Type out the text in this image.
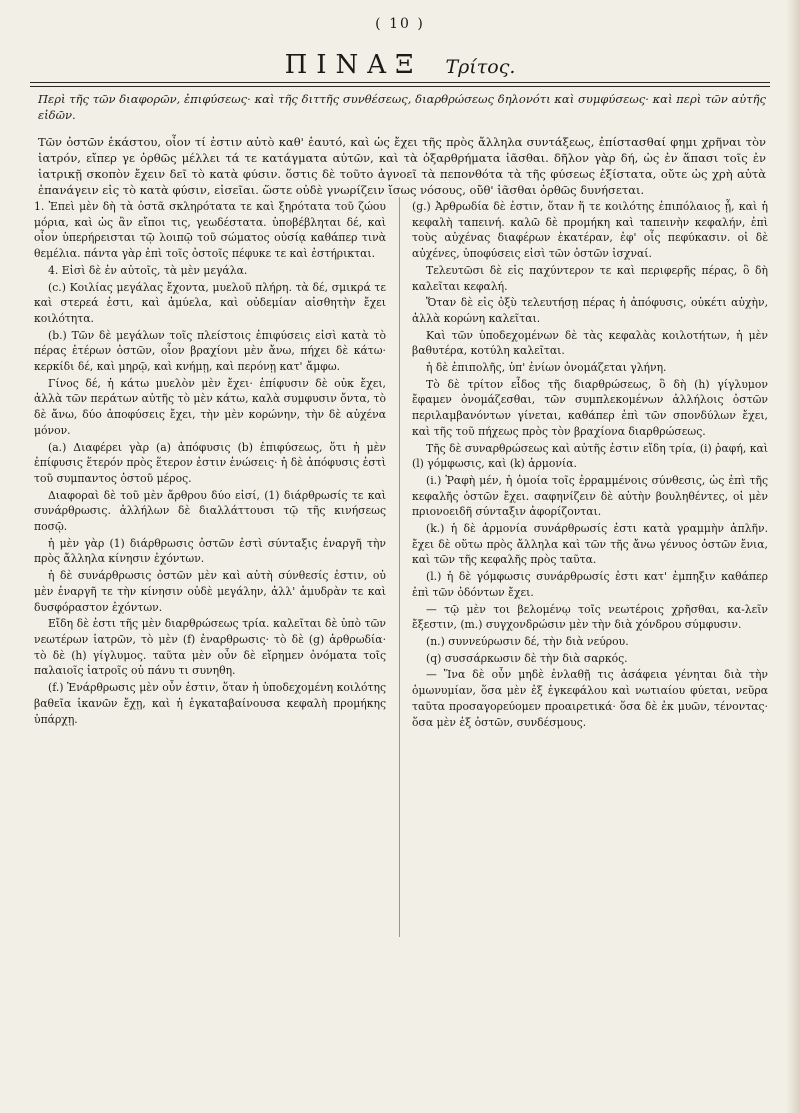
( 10 )
ΠΙΝΑΞ Τρίτος.
Περὶ τῆς τῶν διαφορῶν, ἐπιφύσεως· καὶ τῆς διττῆς συνθέσεως, διαρθρώσεως δηλονότι καὶ συμφύσεως· καὶ περὶ τῶν αὐτῆς εἰδῶν.
Τῶν ὀστῶν ἑκάστου, οἷον τί ἐστιν αὐτὸ καθ' ἑαυτό, καὶ ὡς ἔχει τῆς πρὸς ἄλληλα συντάξεως, ἐπίστασθαί φημι χρῆναι τὸν ἰατρόν, εἴπερ γε ὀρθῶς μέλλει τά τε κατάγματα αὐτῶν, καὶ τὰ ὀξαρθρήματα ἰᾶσθαι. δῆλον γὰρ δή, ὡς ἐν ἅπασι τοῖς ἐν ἰατρικῇ σκοπὸν ἔχειν δεῖ τὸ κατὰ φύσιν. ὅστις δὲ τοῦτο ἀγνοεῖ τὰ πεπονθότα τὰ τῆς φύσεως ἐξίστατα, οὔτε ὡς χρὴ αὐτὰ ἐπανάγειν εἰς τὸ κατὰ φύσιν, εἰσεῖαι. ὥστε οὐδὲ γνωρίζειν ἴσως νόσους, οὔθ' ἰᾶσθαι ὀρθῶς δυνήσεται.

1. Ἐπεὶ μὲν δὴ τὰ ὀστᾶ σκληρότατα τε καὶ ξηρότατα τοῦ ζώου μόρια, καὶ ὡς ἂν εἴποι τις, γεωδέστατα. ὑποβέβληται δέ, καὶ οἷον ὑπερήρεισται τῷ λοιπῷ τοῦ σώματος οὐσίᾳ καθάπερ τινὰ θεμέλια. πάντα γὰρ ἐπὶ τοῖς ὀστοῖς πέφυκε τε καὶ ἐστήρικται.

4. Εἰσὶ δὲ ἐν αὐτοῖς, τὰ μὲν μεγάλα.

(c.) Κοιλίας μεγάλας ἔχοντα, μυελοῦ πλήρη. τὰ δέ, σμικρά τε καὶ στερεά ἐστι, καὶ ἀμύελα, καὶ οὐδεμίαν αἰσθητὴν ἔχει κοιλότητα.

(b.) Τῶν δὲ μεγάλων τοῖς πλείστοις ἐπιφύσεις εἰσὶ κατὰ τὸ πέρας ἑτέρων ὀστῶν, οἷον βραχίονι μὲν ἄνω, πήχει δὲ κάτω· κερκίδι δέ, καὶ μηρῷ, καὶ κνήμῃ, καὶ περόνῃ κατ' ἄμφω.

Γίνος δέ, ἡ κάτω μυελὸν μὲν ἔχει· ἐπίφυσιν δὲ οὐκ ἔχει, ἀλλὰ τῶν περάτων αὐτῆς τὸ μὲν κάτω, καλὰ συμφυσιν ὄντα, τὸ δὲ ἄνω, δύο ἀποφύσεις ἔχει, τὴν μὲν κορώνην, τὴν δὲ αὐχένα μόνον.

(a.) Διαφέρει γὰρ (a) ἀπόφυσις (b) ἐπιφύσεως, ὅτι ἡ μὲν ἐπίφυσις ἕτερόν πρὸς ἕτερον ἐστιν ἑνώσεις· ἡ δὲ ἀπόφυσις ἐστὶ τοῦ συμπαντος ὀστοῦ μέρος.

Διαφοραὶ δὲ τοῦ μὲν ἄρθρου δύο εἰσί, (1) διάρθρωσίς τε καὶ συνάρθρωσις. ἀλλήλων δὲ διαλλάττουσι τῷ τῆς κινήσεως ποσῷ.

ἡ μὲν γὰρ (1) διάρθρωσις ὀστῶν ἐστὶ σύνταξις ἐναργῆ τὴν πρὸς ἄλληλα κίνησιν ἐχόντων.

ἡ δὲ συνάρθρωσις ὀστῶν μὲν καὶ αὐτὴ σύνθεσίς ἐστιν, οὐ μὲν ἐναργῆ τε τὴν κίνησιν οὐδὲ μεγάλην, ἀλλ' ἀμυδρὰν τε καὶ δυσφόραστον ἐχόντων.

Εἴδη δὲ ἐστι τῆς μὲν διαρθρώσεως τρία. καλεῖται δὲ ὑπὸ τῶν νεωτέρων ἰατρῶν, τὸ μὲν (f) ἐναρθρωσις· τὸ δὲ (g) ἀρθρωδία· τὸ δὲ (h) γίγλυμος. ταῦτα μὲν οὖν δὲ εἴρημεν ὀνόματα τοῖς παλαιοῖς ἰατροῖς οὐ πάνυ τι συνηθη.

(f.) Ἐνάρθρωσις μὲν οὖν ἐστιν, ὅταν ἡ ὑποδεχομένη κοιλότης βαθεῖα ἱκανῶν ἔχῃ, καὶ ἡ ἐγκαταβαίνουσα κεφαλὴ προμήκης ὑπάρχῃ.

(g.) Ἀρθρωδία δὲ ἐστιν, ὅταν ἥ τε κοιλότης ἐπιπόλαιος ᾖ, καὶ ἡ κεφαλὴ ταπεινή. καλῶ δὲ προμήκη καὶ ταπεινὴν κεφαλήν, ἐπὶ τοὺς αὐχένας διαφέρων ἑκατέραν, ἐφ' οἷς πεφύκασιν. οἱ δὲ αὐχένες, ὑποφύσεις εἰσὶ τῶν ὀστῶν ἰσχναί.

Τελευτῶσι δὲ εἰς παχύντερον τε καὶ περιφερῆς πέρας, ὃ δὴ καλεῖται κεφαλή.

Ὅταν δὲ εἰς ὀξὺ τελευτήσῃ πέρας ἡ ἀπόφυσις, οὐκέτι αὐχὴν, ἀλλὰ κορώνη καλεῖται.

Καὶ τῶν ὑποδεχομένων δὲ τὰς κεφαλὰς κοιλοτήτων, ἡ μὲν βαθυτέρα, κοτύλη καλεῖται.

ἡ δὲ ἐπιπολῆς, ὑπ' ἐνίων ὀνομάζεται γλήνη.

Τὸ δὲ τρίτον εἶδος τῆς διαρθρώσεως, ὃ δὴ (h) γίγλυμον ἔφαμεν ὀνομάζεσθαι, τῶν συμπλεκομένων ἀλλήλοις ὀστῶν περιλαμβανόντων γίνεται, καθάπερ ἐπὶ τῶν σπονδύλων ἔχει, καὶ τῆς τοῦ πήχεως πρὸς τὸν βραχίονα διαρθρώσεως.

Τῆς δὲ συναρθρώσεως καὶ αὐτῆς ἐστιν εἴδη τρία, (i) ῥαφή, καὶ (l) γόμφωσις, καὶ (k) ἁρμονία.

(i.) Ῥαφὴ μέν, ἡ ὁμοία τοῖς ἐρραμμένοις σύνθεσις, ὡς ἐπὶ τῆς κεφαλῆς ὀστῶν ἔχει. σαφηνίζειν δὲ αὐτὴν βουληθέντες, οἱ μὲν πριονοειδῆ σύνταξιν ἀφορίζονται.

(k.) ἡ δὲ ἁρμονία συνάρθρωσίς ἐστι κατὰ γραμμὴν ἁπλῆν. ἔχει δὲ οὕτω πρὸς ἄλληλα καὶ τῶν τῆς ἄνω γένυος ὀστῶν ἔνια, καὶ τῶν τῆς κεφαλῆς πρὸς ταῦτα.

(l.) ἡ δὲ γόμφωσις συνάρθρωσίς ἐστι κατ' ἐμπηξιν καθάπερ ἐπὶ τῶν ὀδόντων ἔχει.

— τῷ μὲν τοι βελομένῳ τοῖς νεωτέροις χρῆσθαι, κα-λεῖν ἔξεστιν, (m.) συγχονδρώσιν μὲν τὴν διὰ χόνδρου σύμφυσιν.

(n.) συννεύρωσιν δέ, τὴν διὰ νεύρου.

(q) συσσάρκωσιν δὲ τὴν διὰ σαρκός.

— Ἵνα δὲ οὖν μηδὲ ἐνλαθῇ τις ἀσάφεια γένηται διὰ τὴν ὁμωνυμίαν, ὅσα μὲν ἐξ ἐγκεφάλου καὶ νωτιαίου φύεται, νεῦρα ταῦτα προσαγορεύομεν προαιρετικά· ὅσα δὲ ἐκ μυῶν, τένοντας· ὅσα μὲν ἐξ ὀστῶν, συνδέσμους.
